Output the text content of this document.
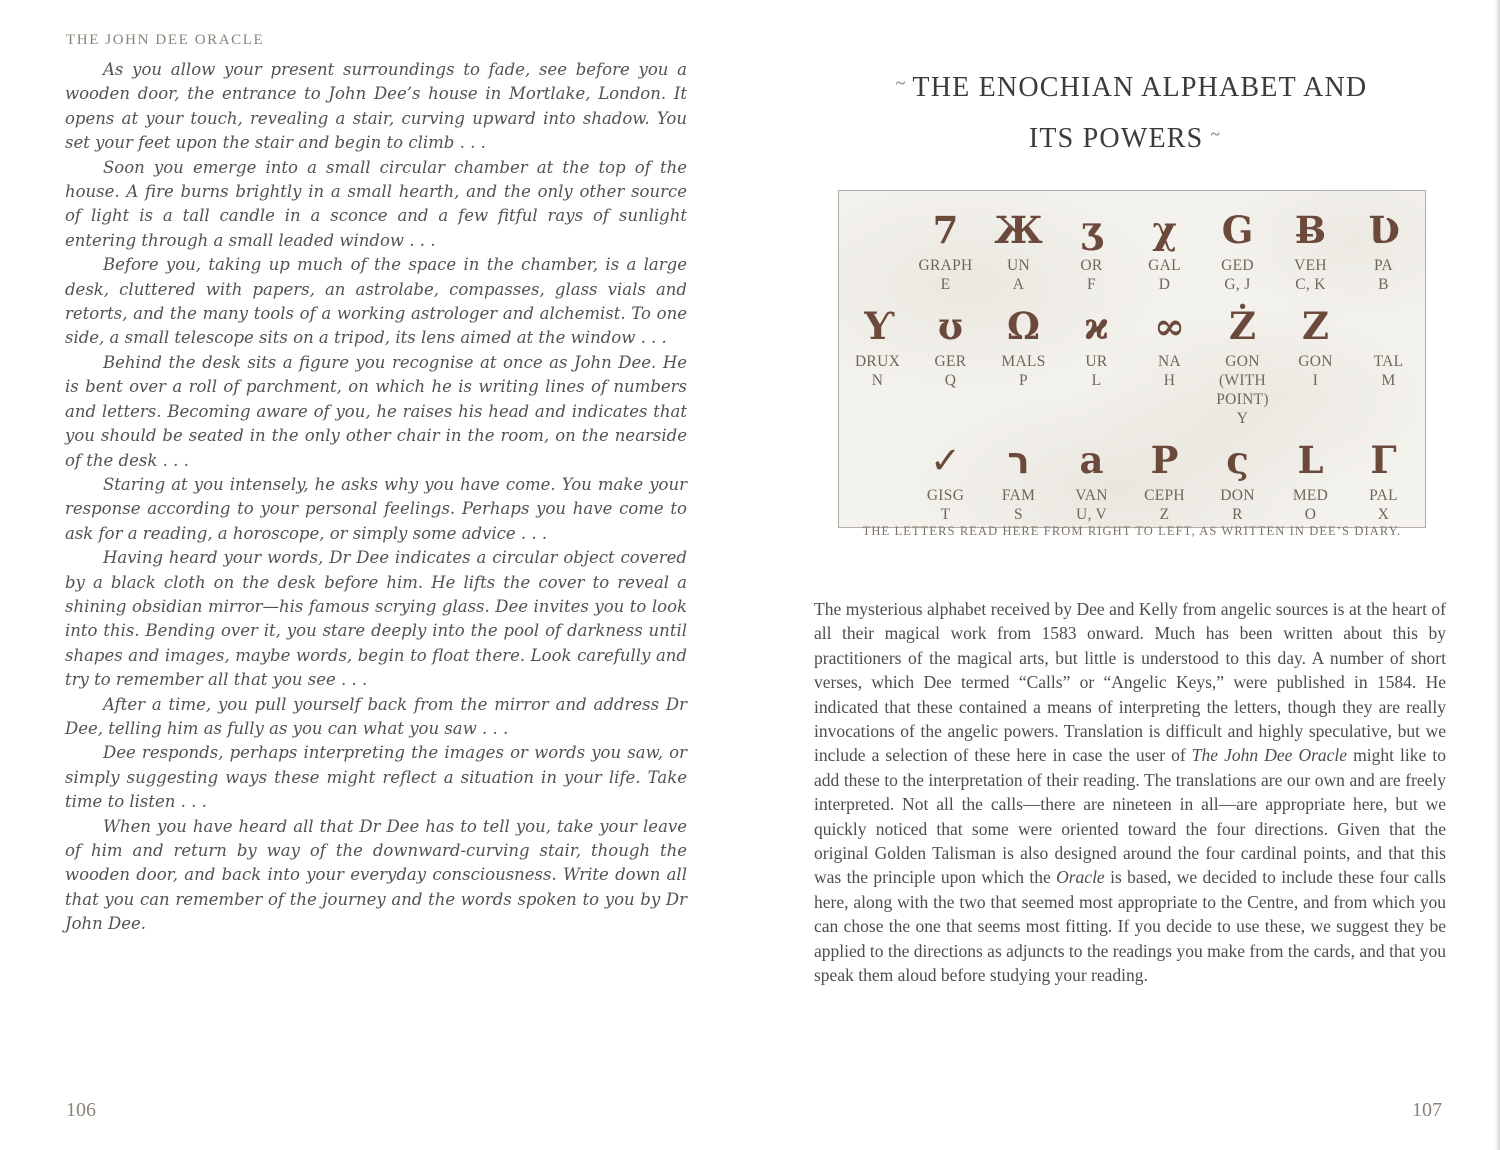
THE JOHN DEE ORACLE

As you allow your present surroundings to fade, see before you a wooden door, the entrance to John Dee’s house in Mortlake, London. It opens at your touch, revealing a stair, curving upward into shadow. You set your feet upon the stair and begin to climb . . .

Soon you emerge into a small circular chamber at the top of the house. A fire burns brightly in a small hearth, and the only other source of light is a tall candle in a sconce and a few fitful rays of sunlight entering through a small leaded window . . .

Before you, taking up much of the space in the chamber, is a large desk, cluttered with papers, an astrolabe, compasses, glass vials and retorts, and the many tools of a working astrologer and alchemist. To one side, a small telescope sits on a tripod, its lens aimed at the window . . .

Behind the desk sits a figure you recognise at once as John Dee. He is bent over a roll of parchment, on which he is writing lines of numbers and letters. Becoming aware of you, he raises his head and indicates that you should be seated in the only other chair in the room, on the nearside of the desk . . .

Staring at you intensely, he asks why you have come. You make your response according to your personal feelings. Perhaps you have come to ask for a reading, a horoscope, or simply some advice . . .

Having heard your words, Dr Dee indicates a circular object covered by a black cloth on the desk before him. He lifts the cover to reveal a shining obsidian mirror—his famous scrying glass. Dee invites you to look into this. Bending over it, you stare deeply into the pool of darkness until shapes and images, maybe words, begin to float there. Look carefully and try to remember all that you see . . .

After a time, you pull yourself back from the mirror and address Dr Dee, telling him as fully as you can what you saw . . .

Dee responds, perhaps interpreting the images or words you saw, or simply suggesting ways these might reflect a situation in your life. Take time to listen . . .

When you have heard all that Dr Dee has to tell you, take your leave of him and return by way of the downward-curving stair, though the wooden door, and back into your everyday consciousness. Write down all that you can remember of the journey and the words spoken to you by Dr John Dee.

106
~ THE ENOCHIAN ALPHABET AND
ITS POWERS ~
7
GRAPH
E
Ж
UN
A
ʒ
OR
F
χ
GAL
D
G
GED
G, J
Ƀ
VEH
C, K
Ʋ
PA
B
Ƴ
DRUX
N
ʊ
GER
Q
Ω
MALS
P
ϰ
UR
L
∞
NA
H
Ż
GON (WITH POINT)
Y
Z
GON
I
TAL
M
✓
GISG
T
ר
FAM
S
a
VAN
U, V
P
CEPH
Z
ς
DON
R
L
MED
O
Γ
PAL
X
THE LETTERS READ HERE FROM RIGHT TO LEFT, AS WRITTEN IN DEE’S DIARY.
The mysterious alphabet received by Dee and Kelly from angelic sources is at the heart of all their magical work from 1583 onward. Much has been written about this by practitioners of the magical arts, but little is understood to this day. A number of short verses, which Dee termed “Calls” or “Angelic Keys,” were published in 1584. He indicated that these contained a means of interpreting the letters, though they are really invocations of the angelic powers. Translation is difficult and highly speculative, but we include a selection of these here in case the user of The John Dee Oracle might like to add these to the interpretation of their reading. The translations are our own and are freely interpreted. Not all the calls—there are nineteen in all—are appropriate here, but we quickly noticed that some were oriented toward the four directions. Given that the original Golden Talisman is also designed around the four cardinal points, and that this was the principle upon which the Oracle is based, we decided to include these four calls here, along with the two that seemed most appropriate to the Centre, and from which you can chose the one that seems most fitting. If you decide to use these, we suggest they be applied to the directions as adjuncts to the readings you make from the cards, and that you speak them aloud before studying your reading.
107
